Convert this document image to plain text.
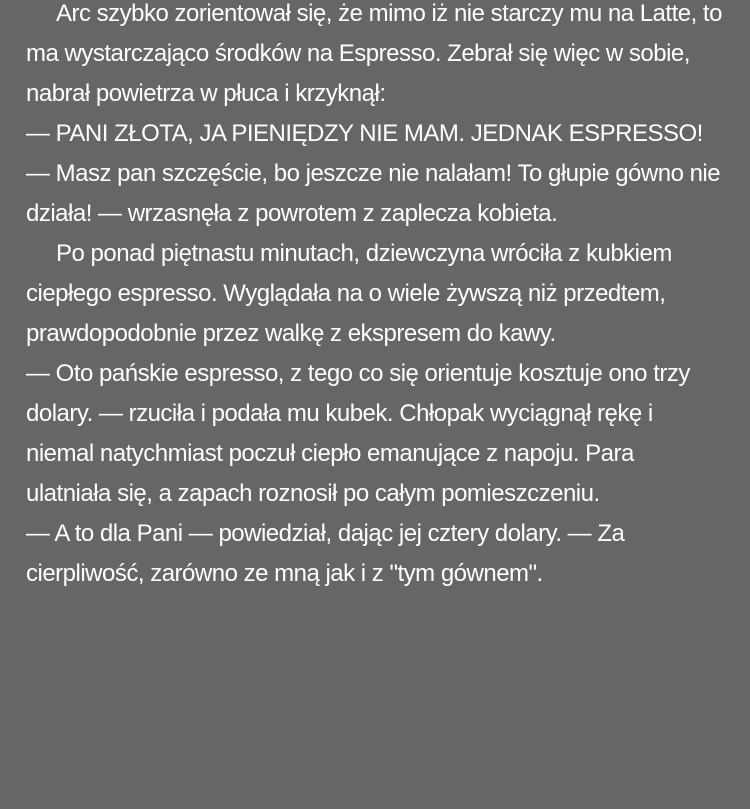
Arc szybko zorientował się, że mimo iż nie starczy mu na Latte, to ma wystarczająco środków na Espresso. Zebrał się więc w sobie, nabrał powietrza w płuca i krzyknął:

— PANI ZŁOTA, JA PIENIĘDZY NIE MAM. JEDNAK ESPRESSO!

— Masz pan szczęście, bo jeszcze nie nalałam! To głupie gówno nie działa! — wrzasnęła z powrotem z zaplecza kobieta.

Po ponad piętnastu minutach, dziewczyna wróciła z kubkiem ciepłego espresso. Wyglądała na o wiele żywszą niż przedtem, prawdopodobnie przez walkę z ekspresem do kawy.

— Oto pańskie espresso, z tego co się orientuje kosztuje ono trzy dolary. — rzuciła i podała mu kubek. Chłopak wyciągnął rękę i niemal natychmiast poczuł ciepło emanujące z napoju. Para ulatniała się, a zapach roznosił po całym pomieszczeniu.

— A to dla Pani — powiedział, dając jej cztery dolary. — Za cierpliwość, zarówno ze mną jak i z "tym gównem".
